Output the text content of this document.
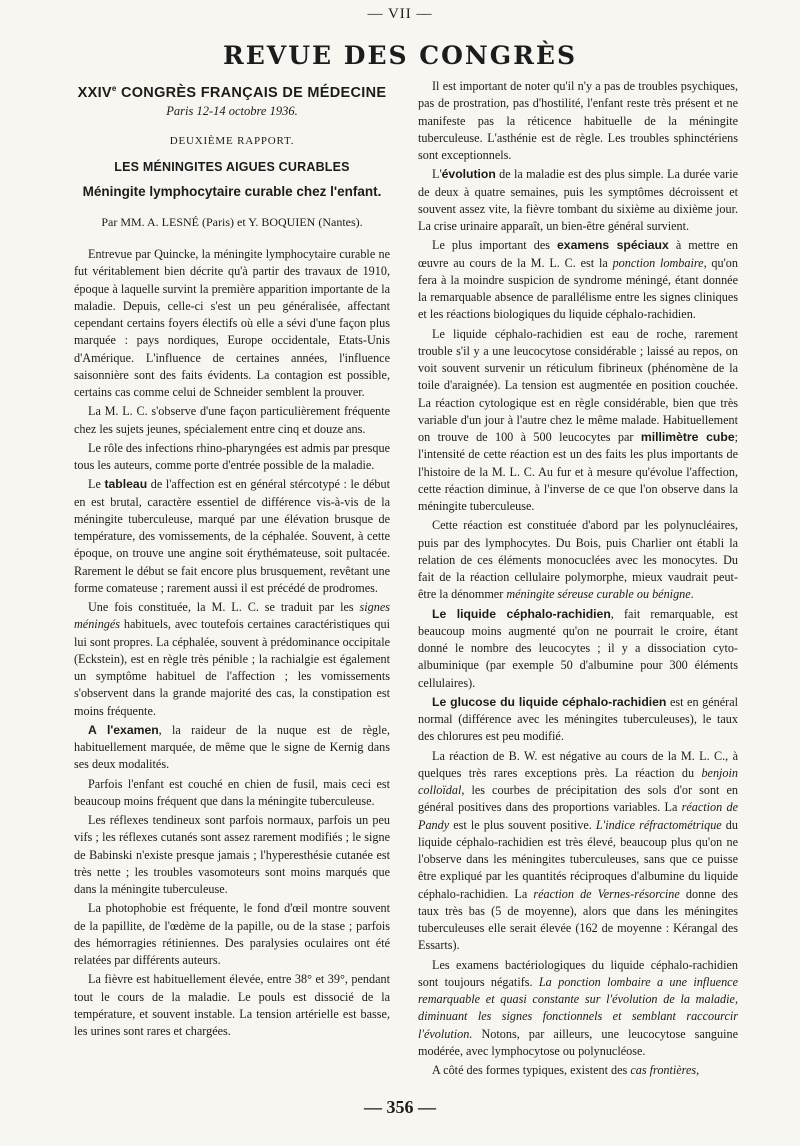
— VII —
REVUE DES CONGRÈS
XXIVe CONGRÈS FRANÇAIS DE MÉDECINE
Paris 12-14 octobre 1936.
DEUXIÈME RAPPORT.
LES MÉNINGITES AIGUES CURABLES
Méningite lymphocytaire curable chez l'enfant.
Par MM. A. LESNÉ (Paris) et Y. BOQUIEN (Nantes).

Entrevue par Quincke, la méningite lymphocytaire curable ne fut véritablement bien décrite qu'à partir des travaux de 1910, époque à laquelle survint la première apparition importante de la maladie. Depuis, celle-ci s'est un peu généralisée, affectant cependant certains foyers électifs où elle a sévi d'une façon plus marquée : pays nordiques, Europe occidentale, Etats-Unis d'Amérique. L'influence de certaines années, l'influence saisonnière sont des faits évidents. La contagion est possible, certains cas comme celui de Schneider semblent la prouver.

La M. L. C. s'observe d'une façon particulièrement fréquente chez les sujets jeunes, spécialement entre cinq et douze ans.

Le rôle des infections rhino-pharyngées est admis par presque tous les auteurs, comme porte d'entrée possible de la maladie.

Le tableau de l'affection est en général stércotypé : le début en est brutal, caractère essentiel de différence vis-à-vis de la méningite tuberculeuse, marqué par une élévation brusque de température, des vomissements, de la céphalée. Souvent, à cette époque, on trouve une angine soit érythémateuse, soit pultacée. Rarement le début se fait encore plus brusquement, revêtant une forme comateuse ; rarement aussi il est précédé de prodromes.

Une fois constituée, la M. L. C. se traduit par les signes méningés habituels, avec toutefois certaines caractéristiques qui lui sont propres. La céphalée, souvent à prédominance occipitale (Eckstein), est en règle très pénible ; la rachialgie est également un symptôme habituel de l'affection ; les vomissements s'observent dans la grande majorité des cas, la constipation est moins fréquente.

A l'examen, la raideur de la nuque est de règle, habituellement marquée, de même que le signe de Kernig dans ses deux modalités.

Parfois l'enfant est couché en chien de fusil, mais ceci est beaucoup moins fréquent que dans la méningite tuberculeuse.

Les réflexes tendineux sont parfois normaux, parfois un peu vifs ; les réflexes cutanés sont assez rarement modifiés ; le signe de Babinski n'existe presque jamais ; l'hyperesthésie cutanée est très nette ; les troubles vasomoteurs sont moins marqués que dans la méningite tuberculeuse.

La photophobie est fréquente, le fond d'œil montre souvent de la papillite, de l'œdème de la papille, ou de la stase ; parfois des hémorragies rétiniennes. Des paralysies oculaires ont été relatées par différents auteurs.

La fièvre est habituellement élevée, entre 38° et 39°, pendant tout le cours de la maladie. Le pouls est dissocié de la température, et souvent instable. La tension artérielle est basse, les urines sont rares et chargées.

Il est important de noter qu'il n'y a pas de troubles psychiques, pas de prostration, pas d'hostilité, l'enfant reste très présent et ne manifeste pas la réticence habituelle de la méningite tuberculeuse. L'asthénie est de règle. Les troubles sphinctériens sont exceptionnels.

L'évolution de la maladie est des plus simple. La durée varie de deux à quatre semaines, puis les symptômes décroissent et souvent assez vite, la fièvre tombant du sixième au dixième jour. La crise urinaire apparaît, un bien-être général survient.

Le plus important des examens spéciaux à mettre en œuvre au cours de la M. L. C. est la ponction lombaire, qu'on fera à la moindre suspicion de syndrome méningé, étant donnée la remarquable absence de parallélisme entre les signes cliniques et les réactions biologiques du liquide céphalo-rachidien.

Le liquide céphalo-rachidien est eau de roche, rarement trouble s'il y a une leucocytose considérable ; laissé au repos, on voit souvent survenir un réticulum fibrineux (phénomène de la toile d'araignée). La tension est augmentée en position couchée. La réaction cytologique est en règle considérable, bien que très variable d'un jour à l'autre chez le même malade. Habituellement on trouve de 100 à 500 leucocytes par millimètre cube; l'intensité de cette réaction est un des faits les plus importants de l'histoire de la M. L. C. Au fur et à mesure qu'évolue l'affection, cette réaction diminue, à l'inverse de ce que l'on observe dans la méningite tuberculeuse.

Cette réaction est constituée d'abord par les polynucléaires, puis par des lymphocytes. Du Bois, puis Charlier ont établi la relation de ces éléments monocuclées avec les monocytes. Du fait de la réaction cellulaire polymorphe, mieux vaudrait peut-être la dénommer méningite séreuse curable ou bénigne.

Le liquide céphalo-rachidien, fait remarquable, est beaucoup moins augmenté qu'on ne pourrait le croire, étant donné le nombre des leucocytes ; il y a dissociation cyto-albuminique (par exemple 50 d'albumine pour 300 éléments cellulaires).

Le glucose du liquide céphalo-rachidien est en général normal (différence avec les méningites tuberculeuses), le taux des chlorures est peu modifié.

La réaction de B. W. est négative au cours de la M. L. C., à quelques très rares exceptions près. La réaction du benjoin colloïdal, les courbes de précipitation des sols d'or sont en général positives dans des proportions variables. La réaction de Pandy est le plus souvent positive. L'indice réfractométrique du liquide céphalo-rachidien est très élevé, beaucoup plus qu'on ne l'observe dans les méningites tuberculeuses, sans que ce puisse être expliqué par les quantités réciproques d'albumine du liquide céphalo-rachidien. La réaction de Vernes-résorcine donne des taux très bas (5 de moyenne), alors que dans les méningites tuberculeuses elle serait élevée (162 de moyenne : Kérangal des Essarts).

Les examens bactériologiques du liquide céphalo-rachidien sont toujours négatifs. La ponction lombaire a une influence remarquable et quasi constante sur l'évolution de la maladie, diminuant les signes fonctionnels et semblant raccourcir l'évolution. Notons, par ailleurs, une leucocytose sanguine modérée, avec lymphocytose ou polynucléose.

A côté des formes typiques, existent des cas frontières,

— 356 —
